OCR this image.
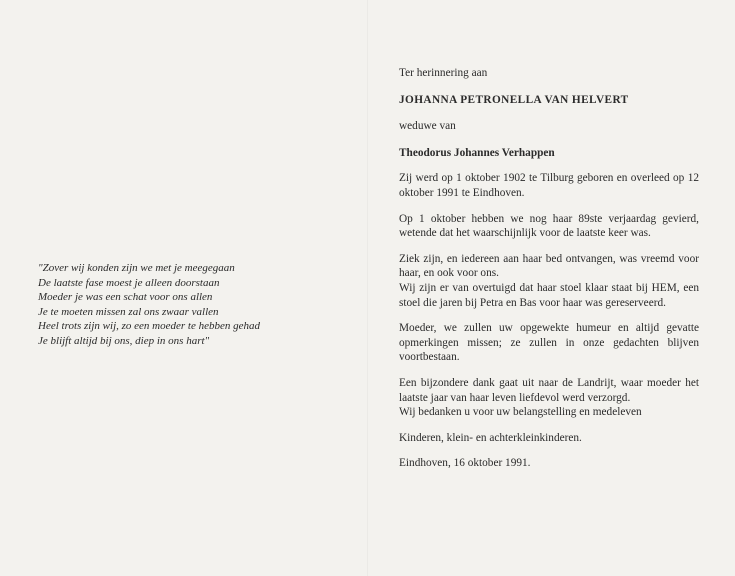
"Zover wij konden zijn we met je meegegaan
De laatste fase moest je alleen doorstaan
Moeder je was een schat voor ons allen
Je te moeten missen zal ons zwaar vallen
Heel trots zijn wij, zo een moeder te hebben gehad
Je blijft altijd bij ons, diep in ons hart"

Ter herinnering aan

JOHANNA PETRONELLA VAN HELVERT

weduwe van

Theodorus Johannes Verhappen

Zij werd op 1 oktober 1902 te Tilburg geboren en overleed op 12 oktober 1991 te Eindhoven.

Op 1 oktober hebben we nog haar 89ste verjaardag gevierd, wetende dat het waarschijnlijk voor de laatste keer was.

Ziek zijn, en iedereen aan haar bed ontvangen, was vreemd voor haar, en ook voor ons.

Wij zijn er van overtuigd dat haar stoel klaar staat bij HEM, een stoel die jaren bij Petra en Bas voor haar was gereserveerd.

Moeder, we zullen uw opgewekte humeur en altijd gevatte opmerkingen missen; ze zullen in onze gedachten blijven voortbestaan.

Een bijzondere dank gaat uit naar de Landrijt, waar moeder het laatste jaar van haar leven liefdevol werd verzorgd.

Wij bedanken u voor uw belangstelling en medeleven

Kinderen, klein- en achterkleinkinderen.

Eindhoven, 16 oktober 1991.
